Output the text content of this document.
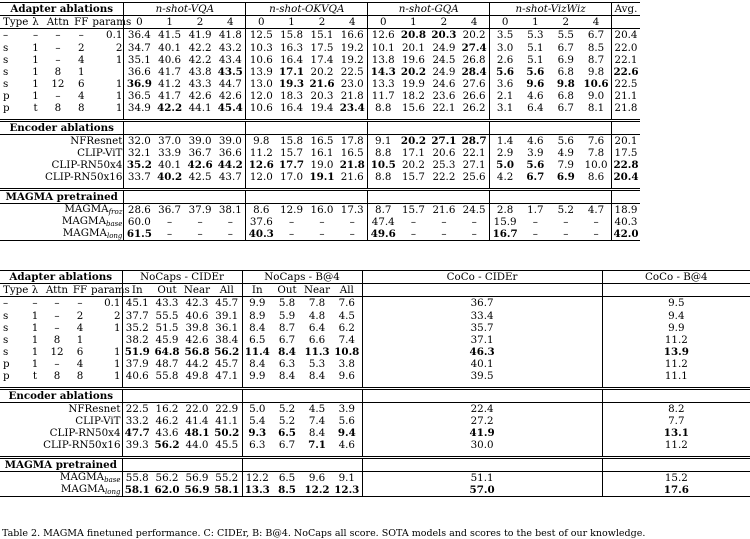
Adapter ablations					n-shot-VQA				n-shot-OKVQA				n-shot-GQA				n-shot-VizWiz				Avg.
Type	λ	Attn	FF	params	0	1	2	4	0	1	2	4	0	1	2	4	0	1	2	4	
–	–	–	–	0.1	36.4	41.5	41.9	41.8	12.5	15.8	15.1	16.6	12.6	20.8	20.3	20.2	3.5	5.3	5.5	6.7	20.4
s	1	–	2	2	34.7	40.1	42.2	43.2	10.3	16.3	17.5	19.2	10.1	20.1	24.9	27.4	3.0	5.1	6.7	8.5	22.0
s	1	–	4	1	35.1	40.6	42.2	43.4	10.6	16.4	17.4	19.2	13.8	19.6	24.5	26.8	2.6	5.1	6.9	8.7	22.1
s	1	8	1		36.6	41.7	43.8	43.5	13.9	17.1	20.2	22.5	14.3	20.2	24.9	28.4	5.6	5.6	6.8	9.8	22.6
s	1	12	6	1	36.9	41.2	43.3	44.7	13.0	19.3	21.6	23.0	13.3	19.9	24.6	27.6	3.6	9.6	9.8	10.6	22.5
p	1	–	4	1	36.5	41.7	42.6	42.6	12.0	18.3	20.3	21.8	11.7	18.2	23.6	26.6	2.1	4.6	6.8	9.0	21.1
p	t	8	8	1	34.9	42.2	44.1	45.4	10.6	16.4	19.4	23.4	8.8	15.6	22.1	26.2	3.1	6.4	6.7	8.1	21.8

Encoder ablations																					
NFResnet					32.0	37.0	39.0	39.0	9.8	15.8	16.5	17.8	9.1	20.2	27.1	28.7	1.4	4.6	5.6	7.6	20.1
CLIP-ViT					32.1	33.9	36.7	36.6	11.2	15.7	16.1	16.5	8.8	17.1	20.6	22.1	2.9	3.9	4.9	7.8	17.5
CLIP-RN50x4					35.2	40.1	42.6	44.2	12.6	17.7	19.0	21.8	10.5	20.2	25.3	27.1	5.0	5.6	7.9	10.0	22.8
CLIP-RN50x16					33.7	40.2	42.5	43.7	12.0	17.0	19.1	21.6	8.8	15.7	22.2	25.6	4.2	6.7	6.9	8.6	20.4

MAGMA pretrained																					
$MAGMA_{froz}$					28.6	36.7	37.9	38.1	8.6	12.9	16.0	17.3	8.7	15.7	21.6	24.5	2.8	1.7	5.2	4.7	18.9
$MAGMA_{base}$					60.0	–	–	–	37.6	–	–	–	47.4	–	–	–	15.9	–	–	–	40.3
$MAGMA_{long}$					61.5	–	–	–	40.3	–	–	–	49.6	–	–	–	16.7	–	–	–	42.0
Adapter ablations					NoCaps - CIDEr				NoCaps - B@4				CoCo - CIDEr	CoCo - B@4
Type	λ	Attn	FF	params	In	Out	Near	All	In	Out	Near	All		
–	–	–	–	0.1	45.1	43.3	42.3	45.7	9.9	5.8	7.8	7.6	36.7	9.5
s	1	–	2	2	37.7	55.5	40.6	39.1	8.9	5.9	4.8	4.5	33.4	9.4
s	1	–	4	1	35.2	51.5	39.8	36.1	8.4	8.7	6.4	6.2	35.7	9.9
s	1	8	1		38.2	45.9	42.6	38.4	6.5	6.7	6.6	7.4	37.1	11.2
s	1	12	6	1	51.9	64.8	56.8	56.2	11.4	8.4	11.3	10.8	46.3	13.9
p	1	–	4	1	37.9	48.7	44.2	45.7	8.4	6.3	5.3	3.8	40.1	11.2
p	t	8	8	1	40.6	55.8	49.8	47.1	9.9	8.4	8.4	9.6	39.5	11.1

Encoder ablations														
NFResnet					22.5	16.2	22.0	22.9	5.0	5.2	4.5	3.9	22.4	8.2
CLIP-ViT					33.2	46.2	41.4	41.1	5.4	5.2	7.4	5.6	27.2	7.7
CLIP-RN50x4					47.7	43.6	48.1	50.2	9.3	6.5	8.4	9.4	41.9	13.1
CLIP-RN50x16					39.3	56.2	44.0	45.5	6.3	6.7	7.1	4.6	30.0	11.2

MAGMA pretrained														
$MAGMA_{base}$					55.8	56.2	56.9	55.2	12.2	6.5	9.6	9.1	51.1	15.2
$MAGMA_{long}$					58.1	62.0	56.9	58.1	13.3	8.5	12.2	12.3	57.0	17.6
Table 2. MAGMA finetuned performance. C: CIDEr, B: B@4. NoCaps all score. SOTA models and scores to the best of our knowledge.
